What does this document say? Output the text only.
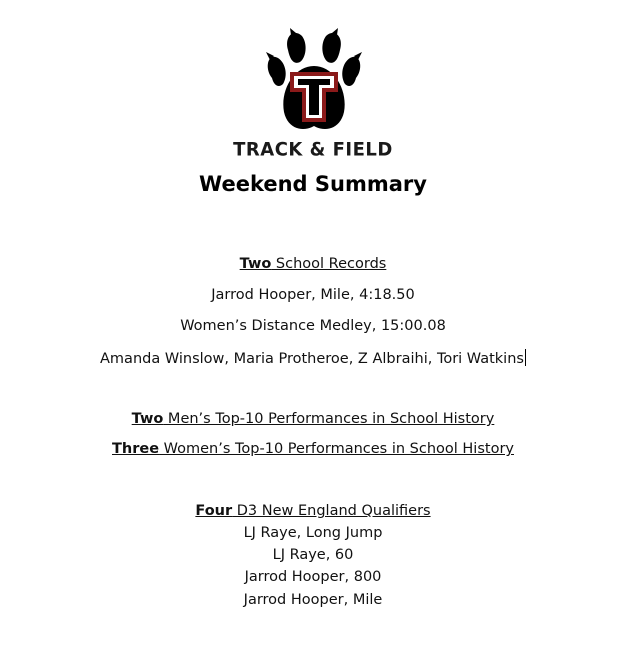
TRACK & FIELD
Weekend Summary
Two School Records
Jarrod Hooper, Mile, 4:18.50
Women’s Distance Medley, 15:00.08
Amanda Winslow, Maria Protheroe, Z Albraihi, Tori Watkins
Two Men’s Top-10 Performances in School History
Three Women’s Top-10 Performances in School History
Four D3 New England Qualifiers
LJ Raye, Long Jump
LJ Raye, 60
Jarrod Hooper, 800
Jarrod Hooper, Mile
